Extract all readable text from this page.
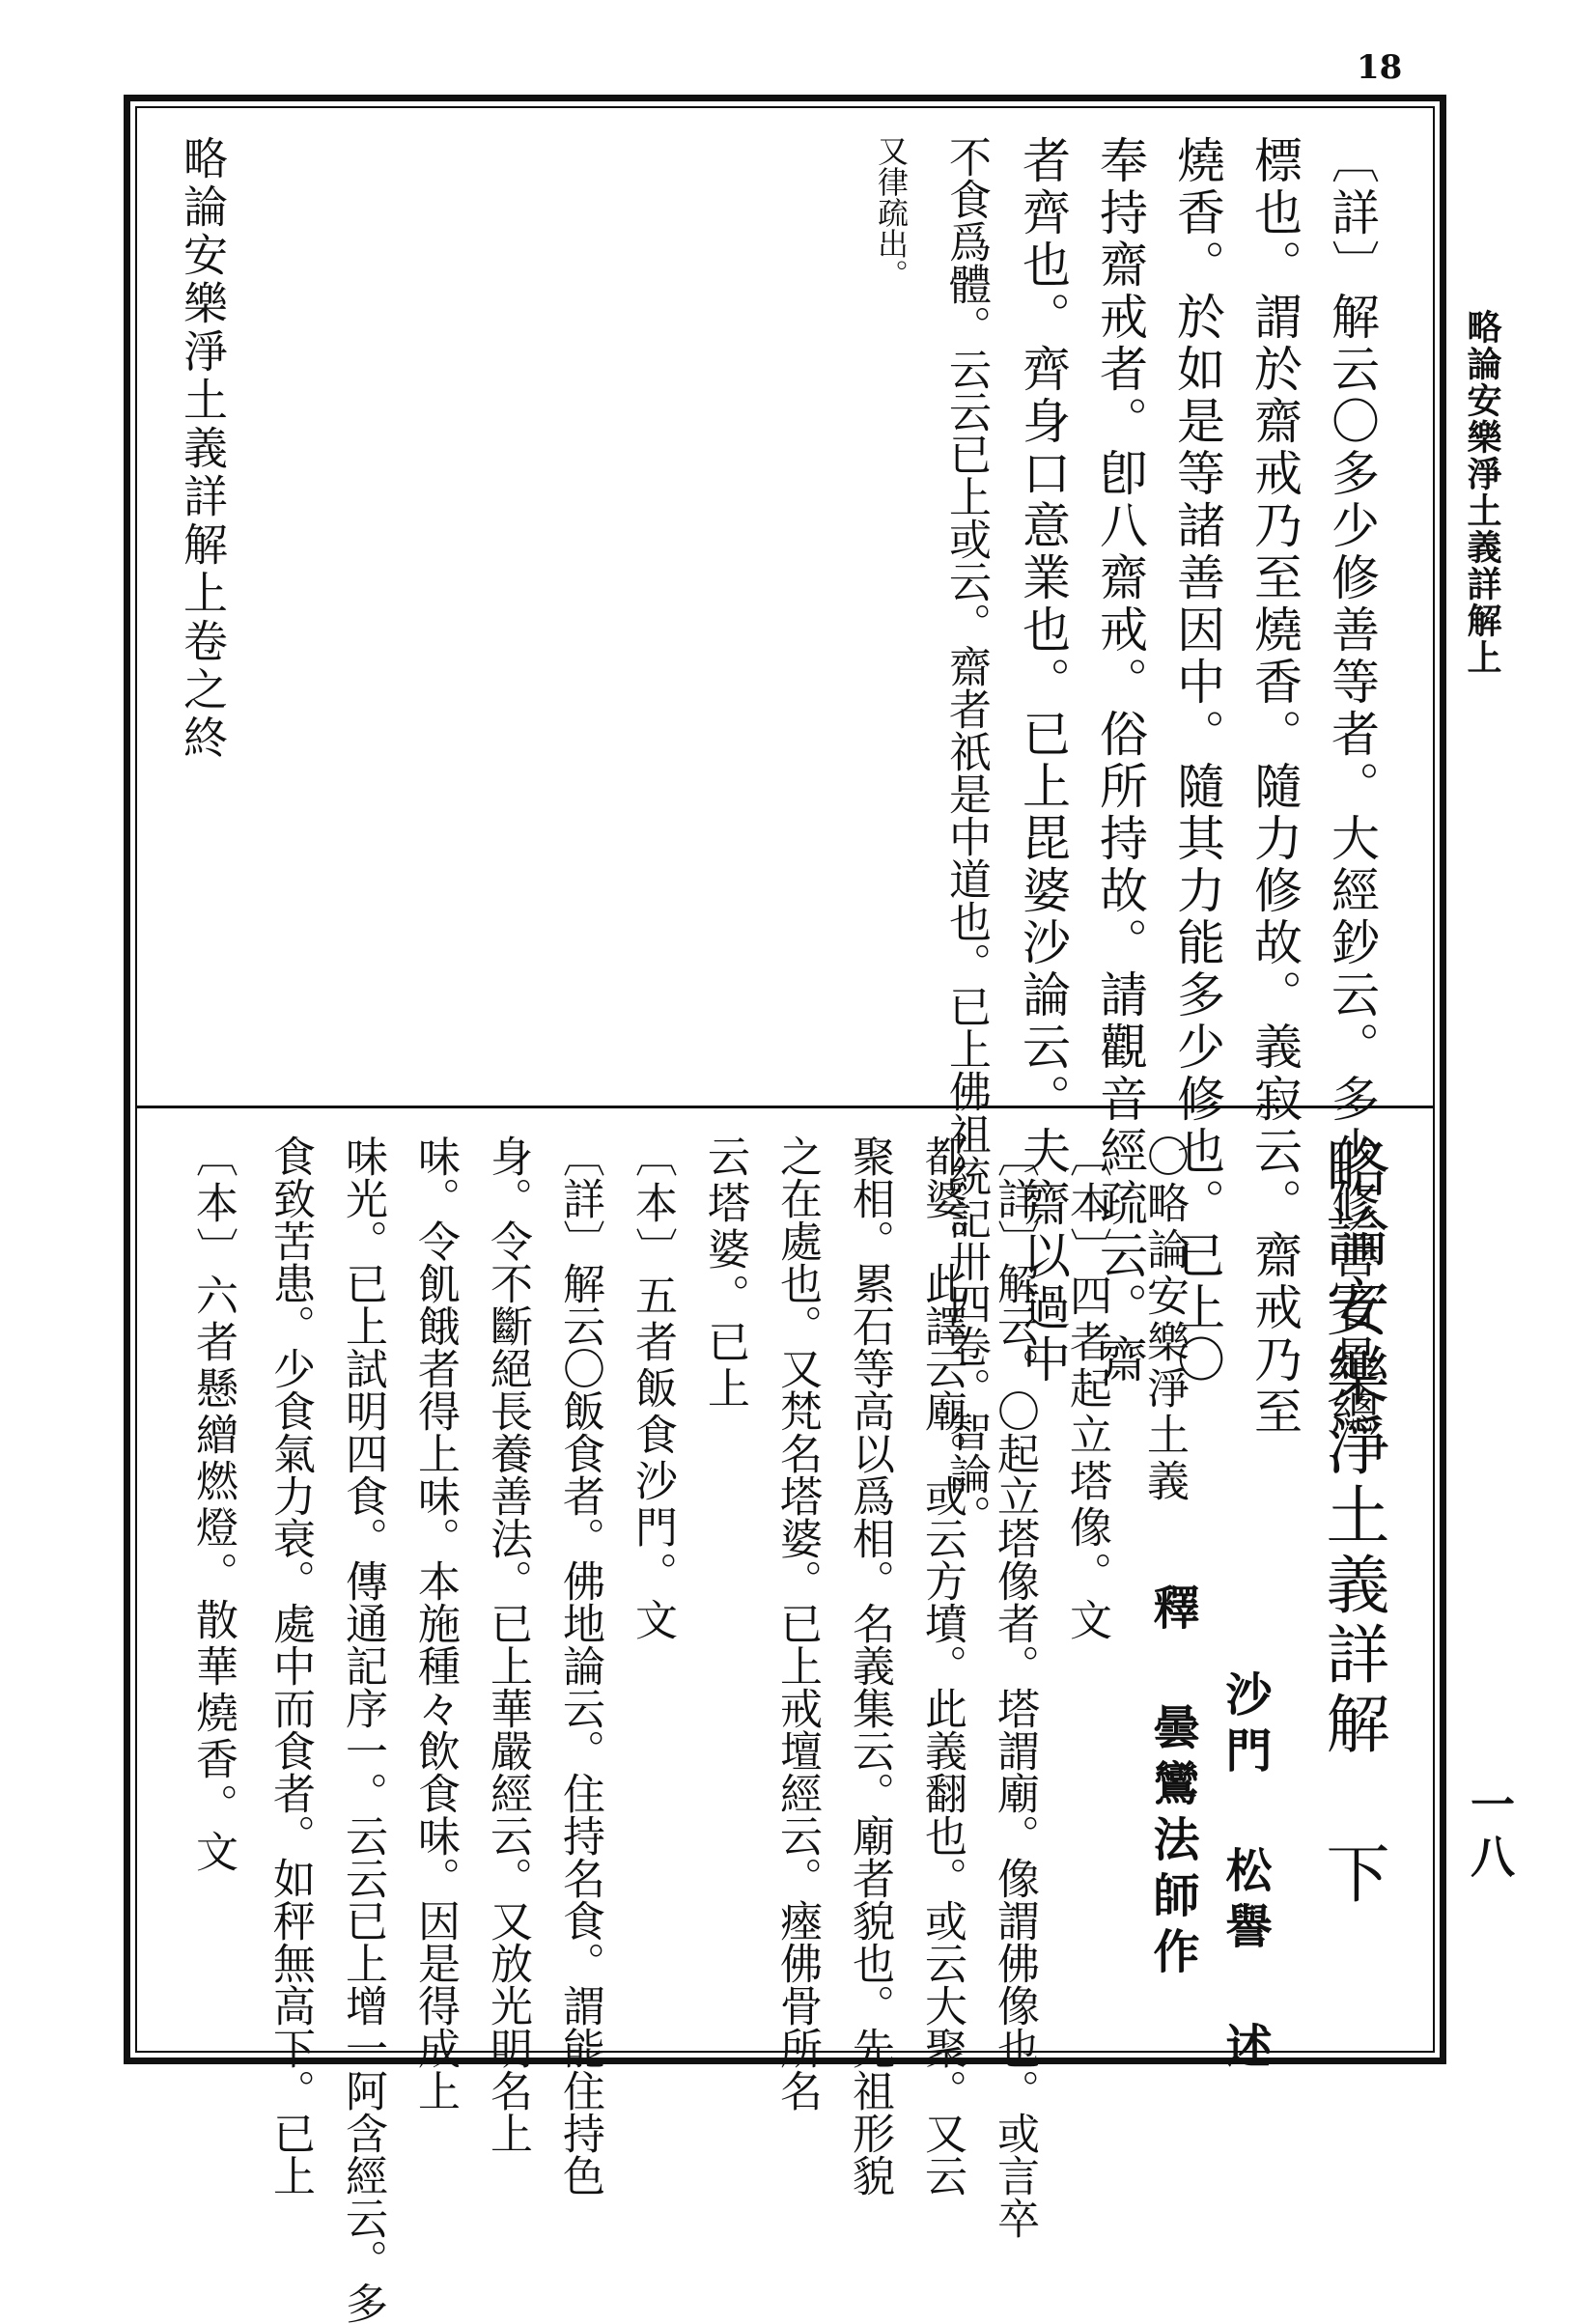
18
略論安樂淨土義詳解上
一八
〔詳〕解云〇多少修善等者。大經鈔云。多少修善者是總
標也。謂於齋戒乃至燒香。隨力修故。義寂云。齋戒乃至
燒香。於如是等諸善因中。隨其力能多少修也。已上〇
奉持齋戒者。卽八齋戒。俗所持故。請觀音經疏云。齋
者齊也。齊身口意業也。已上毘婆沙論云。夫齋以過中
不食爲體。云云已上或云。齋者祇是中道也。已上佛祖統記卅四卷。智論。
又律疏出。
略論安樂淨土義詳解上卷之終
略論安樂淨土義詳解 下
沙門 松譽 述
釋 曇鸞法師作
〇略論安樂淨土義
〔本〕四者起立塔像。文
〔詳〕解云。〇起立塔像者。塔謂廟。像謂佛像也。或言卒
都婆。此譯云廟。或云方墳。此義翻也。或云大聚。又云
聚相。累石等高以爲相。名義集云。廟者貌也。先祖形貌
之在處也。又梵名塔婆。已上戒壇經云。瘞佛骨所名
云塔婆。已上
〔本〕五者飯食沙門。文
〔詳〕解云〇飯食者。佛地論云。住持名食。謂能住持色
身。令不斷絕長養善法。已上華嚴經云。又放光明名上
味。令飢餓者得上味。本施種々飲食味。因是得成上
味光。已上試明四食。傳通記序一。云云已上增一阿含經云。多
食致苦患。少食氣力衰。處中而食者。如秤無高下。已上
〔本〕六者懸繒燃燈。散華燒香。文
